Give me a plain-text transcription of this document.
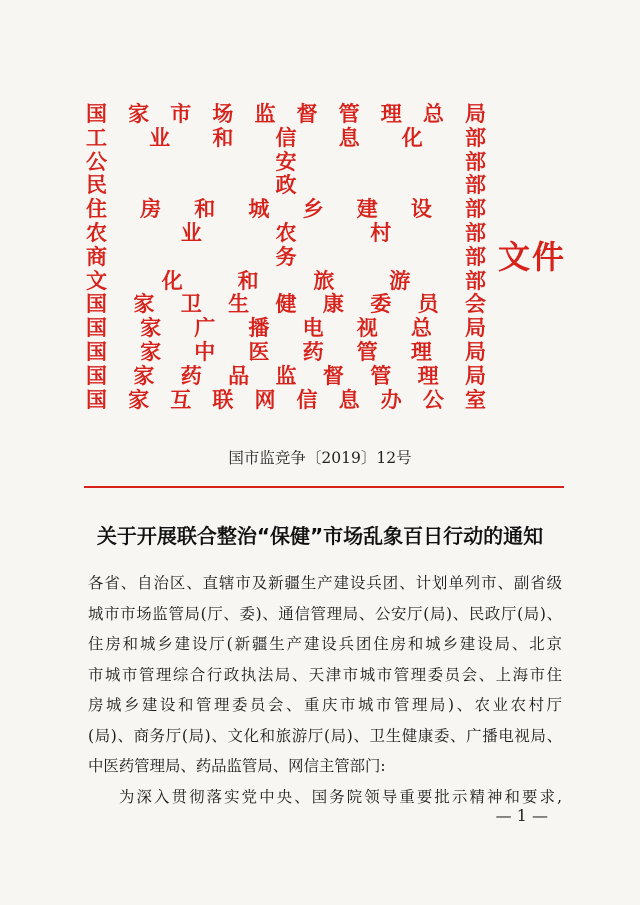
国 家 市 场 监 督 管 理 总 局
工 业 和 信 息 化 部
公	安	部
民	政	部
住 房 和 城 乡 建 设 部
农	业	农	村	部
商	务	部
文	化	和	旅	游	部
国 家 卫 生 健 康 委 员 会
国 家 广 播 电 视 总 局
国 家 中 医 药 管 理 局
国 家 药 品 监 督 管 理 局
国 家 互 联 网 信 息 办 公 室
文件
国市监竞争〔2019〕12号
关于开展联合整治“保健”市场乱象百日行动的通知

各省、自治区、直辖市及新疆生产建设兵团、计划单列市、副省级

城市市场监管局(厅、委)、通信管理局、公安厅(局)、民政厅(局)、

住房和城乡建设厅(新疆生产建设兵团住房和城乡建设局、北京

市城市管理综合行政执法局、天津市城市管理委员会、上海市住

房城乡建设和管理委员会、重庆市城市管理局)、农业农村厅

(局)、商务厅(局)、文化和旅游厅(局)、卫生健康委、广播电视局、

中医药管理局、药品监管局、网信主管部门:

为深入贯彻落实党中央、国务院领导重要批示精神和要求,

— 1 —
